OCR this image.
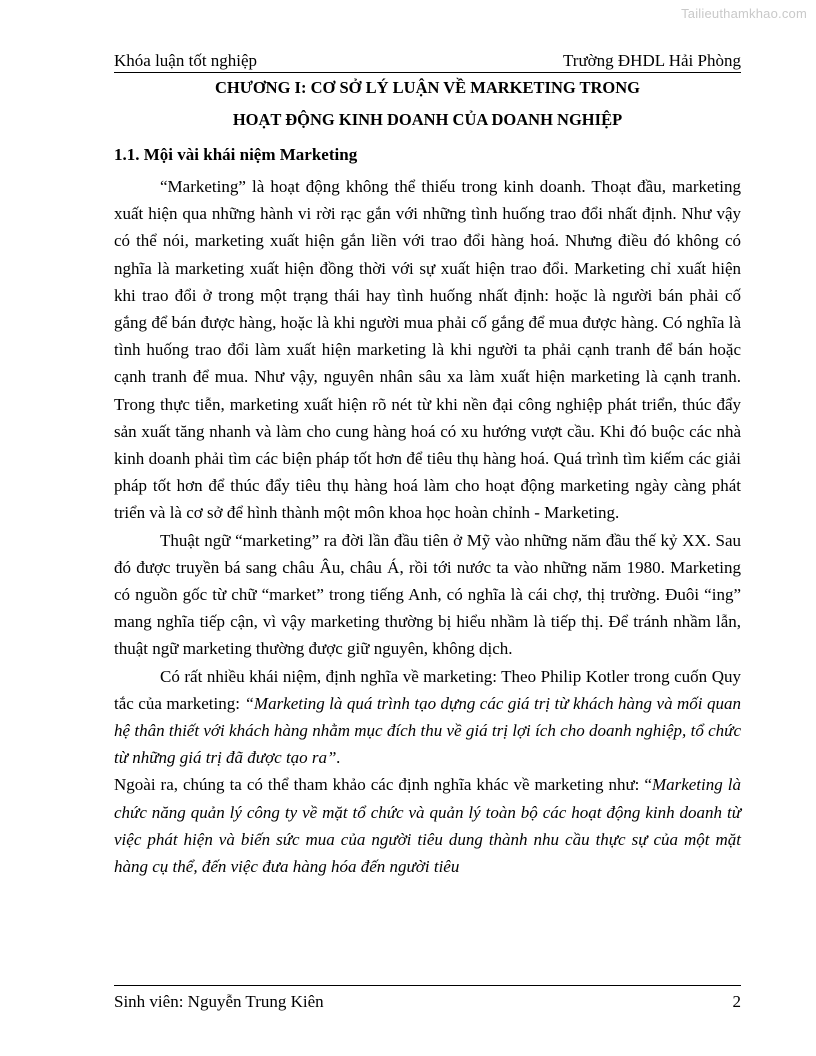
Tailieuthamkhao.com
Khóa luận tốt nghiệp	Trường ĐHDL Hải Phòng
CHƯƠNG I: CƠ SỞ LÝ LUẬN VỀ MARKETING TRONG
HOẠT ĐỘNG KINH DOANH CỦA DOANH NGHIỆP
1.1. Mội vài khái niệm Marketing

“Marketing” là hoạt động không thể thiếu trong kinh doanh. Thoạt đầu, marketing xuất hiện qua những hành vi rời rạc gắn với những tình huống trao đổi nhất định. Như vậy có thể nói, marketing xuất hiện gắn liền với trao đổi hàng hoá. Nhưng điều đó không có nghĩa là marketing xuất hiện đồng thời với sự xuất hiện trao đổi. Marketing chỉ xuất hiện khi trao đổi ở trong một trạng thái hay tình huống nhất định: hoặc là người bán phải cố gắng để bán được hàng, hoặc là khi người mua phải cố gắng để mua được hàng. Có nghĩa là tình huống trao đổi làm xuất hiện marketing là khi người ta phải cạnh tranh để bán hoặc cạnh tranh để mua. Như vậy, nguyên nhân sâu xa làm xuất hiện marketing là cạnh tranh. Trong thực tiễn, marketing xuất hiện rõ nét từ khi nền đại công nghiệp phát triển, thúc đẩy sản xuất tăng nhanh và làm cho cung hàng hoá có xu hướng vượt cầu. Khi đó buộc các nhà kinh doanh phải tìm các biện pháp tốt hơn để tiêu thụ hàng hoá. Quá trình tìm kiếm các giải pháp tốt hơn để thúc đẩy tiêu thụ hàng hoá làm cho hoạt động marketing ngày càng phát triển và là cơ sở để hình thành một môn khoa học hoàn chỉnh - Marketing.

Thuật ngữ “marketing” ra đời lần đầu tiên ở Mỹ vào những năm đầu thế kỷ XX. Sau đó được truyền bá sang châu Âu, châu Á, rồi tới nước ta vào những năm 1980. Marketing có nguồn gốc từ chữ “market” trong tiếng Anh, có nghĩa là cái chợ, thị trường. Đuôi “ing” mang nghĩa tiếp cận, vì vậy marketing thường bị hiểu nhầm là tiếp thị. Để tránh nhầm lẫn, thuật ngữ marketing thường được giữ nguyên, không dịch.

Có rất nhiều khái niệm, định nghĩa về marketing: Theo Philip Kotler trong cuốn Quy tắc của marketing: “Marketing là quá trình tạo dựng các giá trị từ khách hàng và mối quan hệ thân thiết với khách hàng nhằm mục đích thu về giá trị lợi ích cho doanh nghiệp, tổ chức từ những giá trị đã được tạo ra”.

Ngoài ra, chúng ta có thể tham khảo các định nghĩa khác về marketing như: “Marketing là chức năng quản lý công ty về mặt tổ chức và quản lý toàn bộ các hoạt động kinh doanh từ việc phát hiện và biến sức mua của người tiêu dung thành nhu cầu thực sự của một mặt hàng cụ thể, đến việc đưa hàng hóa đến người tiêu

Sinh viên: Nguyễn Trung Kiên	2
